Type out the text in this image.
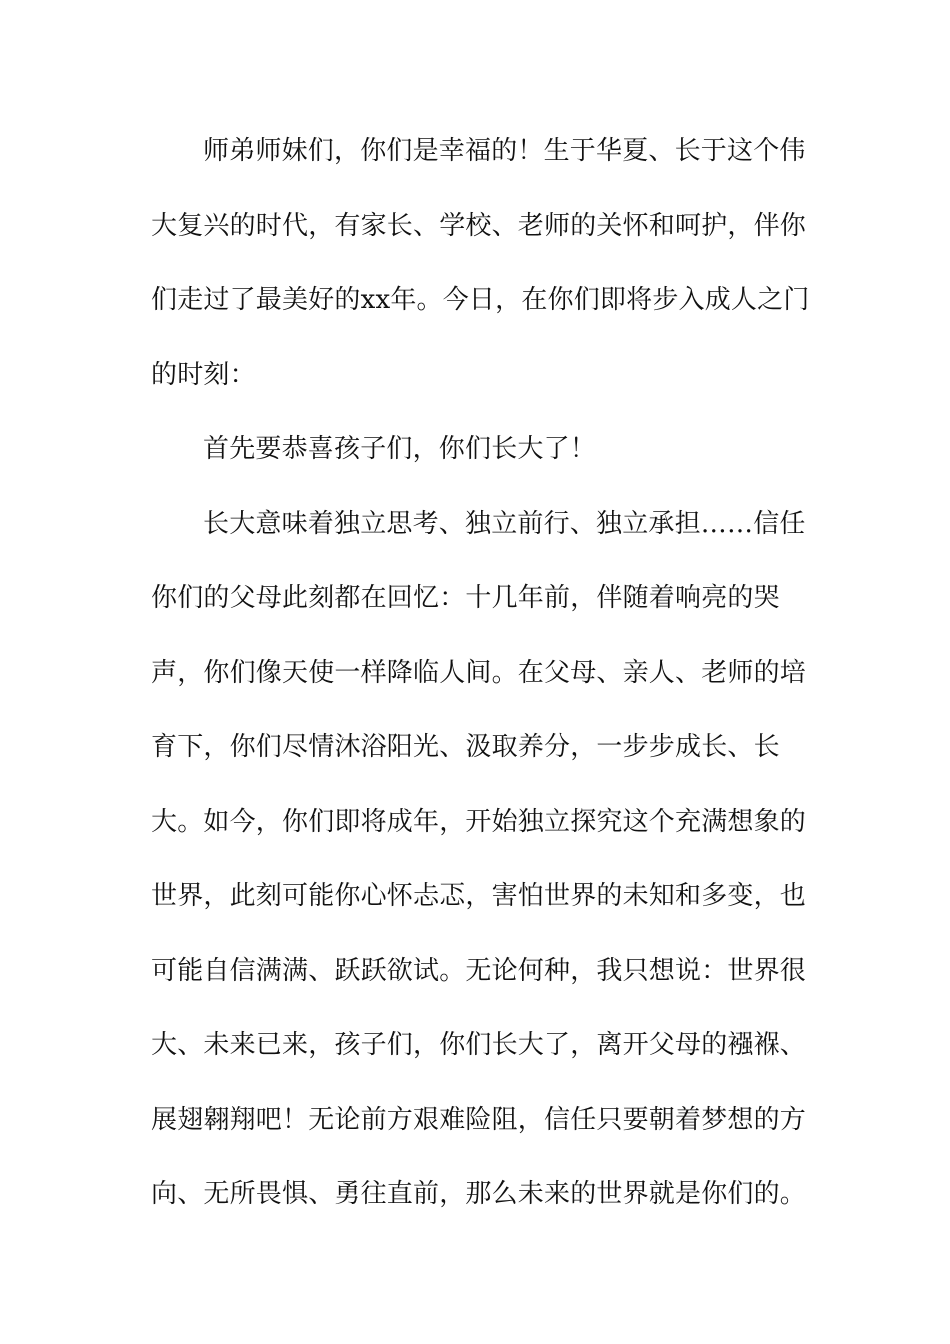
师弟师妹们，你们是幸福的！生于华夏、长于这个伟
大复兴的时代，有家长、学校、老师的关怀和呵护，伴你
们走过了最美好的xx年。今日，在你们即将步入成人之门
的时刻：
首先要恭喜孩子们，你们长大了！
长大意味着独立思考、独立前行、独立承担……信任
你们的父母此刻都在回忆：十几年前，伴随着响亮的哭
声，你们像天使一样降临人间。在父母、亲人、老师的培
育下，你们尽情沐浴阳光、汲取养分，一步步成长、长
大。如今，你们即将成年，开始独立探究这个充满想象的
世界，此刻可能你心怀忐忑，害怕世界的未知和多变，也
可能自信满满、跃跃欲试。无论何种，我只想说：世界很
大、未来已来，孩子们，你们长大了，离开父母的襁褓、
展翅翱翔吧！无论前方艰难险阻，信任只要朝着梦想的方
向、无所畏惧、勇往直前，那么未来的世界就是你们的。
